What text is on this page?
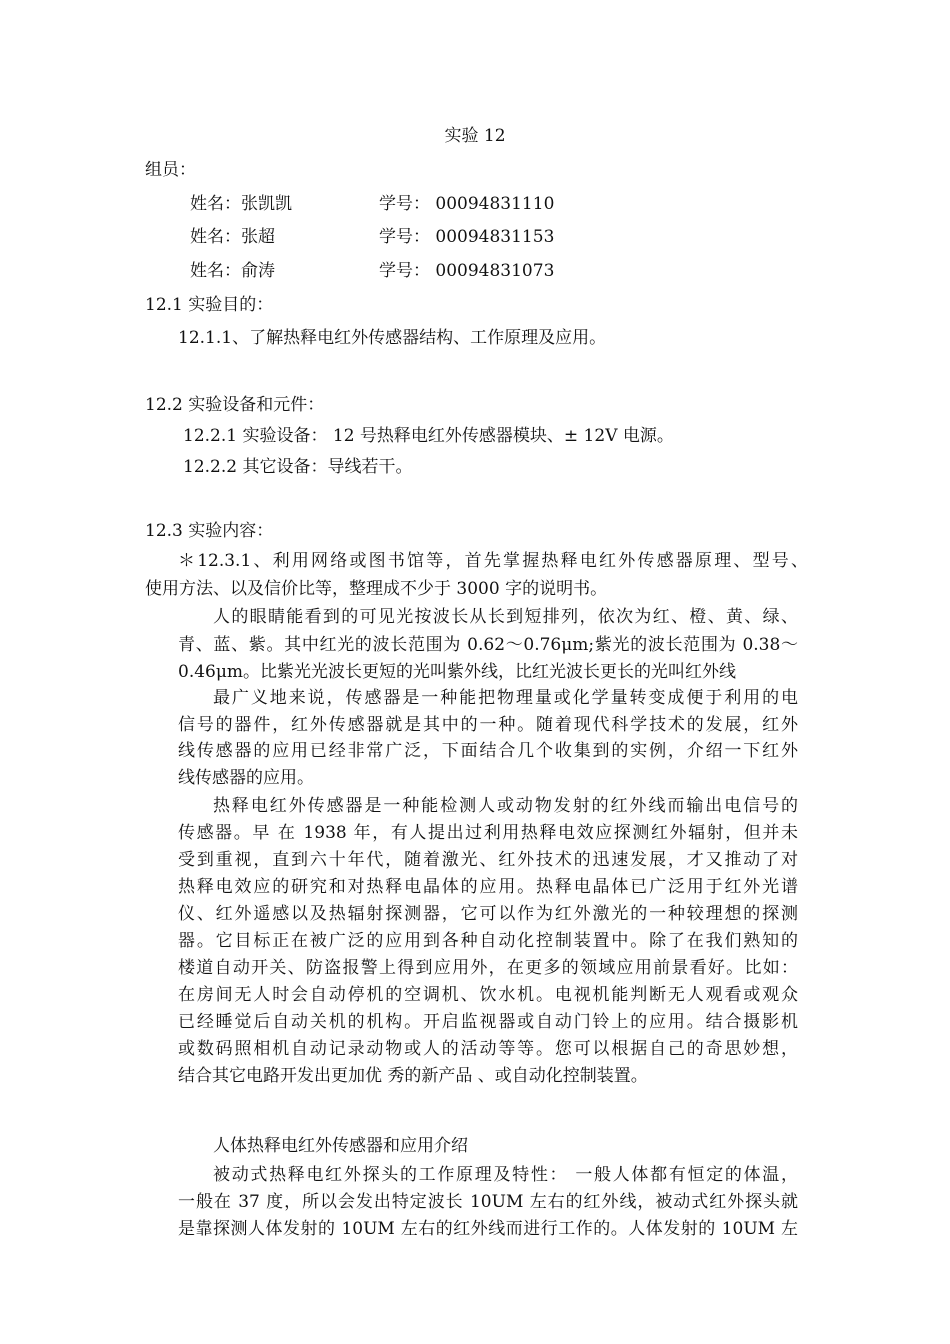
实验 12
组员：
姓名：张凯凯	学号： 00094831110
姓名：张超	学号： 00094831153
姓名：俞涛	学号： 00094831073
12.1 实验目的：
12.1.1、了解热释电红外传感器结构、工作原理及应用。
12.2 实验设备和元件：
12.2.1 实验设备： 12 号热释电红外传感器模块、± 12V 电源。
12.2.2 其它设备：导线若干。
12.3 实验内容：
＊12.3.1、利用网络或图书馆等，首先掌握热释电红外传感器原理、型号、
使用方法、以及信价比等，整理成不少于 3000 字的说明书。
人的眼睛能看到的可见光按波长从长到短排列，依次为红、橙、黄、绿、
青、蓝、紫。其中红光的波长范围为 0.62～0.76μm;紫光的波长范围为 0.38～
0.46μm。比紫光光波长更短的光叫紫外线，比红光波长更长的光叫红外线
最广义地来说，传感器是一种能把物理量或化学量转变成便于利用的电
信号的器件，红外传感器就是其中的一种。随着现代科学技术的发展，红外
线传感器的应用已经非常广泛，下面结合几个收集到的实例，介绍一下红外
线传感器的应用。
热释电红外传感器是一种能检测人或动物发射的红外线而输出电信号的
传感器。早 在 1938 年，有人提出过利用热释电效应探测红外辐射，但并未
受到重视，直到六十年代，随着激光、红外技术的迅速发展，才又推动了对
热释电效应的研究和对热释电晶体的应用。热释电晶体已广泛用于红外光谱
仪、红外遥感以及热辐射探测器，它可以作为红外激光的一种较理想的探测
器。它目标正在被广泛的应用到各种自动化控制装置中。除了在我们熟知的
楼道自动开关、防盗报警上得到应用外，在更多的领域应用前景看好。比如：
在房间无人时会自动停机的空调机、饮水机。电视机能判断无人观看或观众
已经睡觉后自动关机的机构。开启监视器或自动门铃上的应用。结合摄影机
或数码照相机自动记录动物或人的活动等等。您可以根据自己的奇思妙想，
结合其它电路开发出更加优 秀的新产品 、或自动化控制装置。
人体热释电红外传感器和应用介绍
被动式热释电红外探头的工作原理及特性： 一般人体都有恒定的体温，
一般在 37 度，所以会发出特定波长 10UM 左右的红外线，被动式红外探头就
是靠探测人体发射的 10UM 左右的红外线而进行工作的。人体发射的 10UM 左
